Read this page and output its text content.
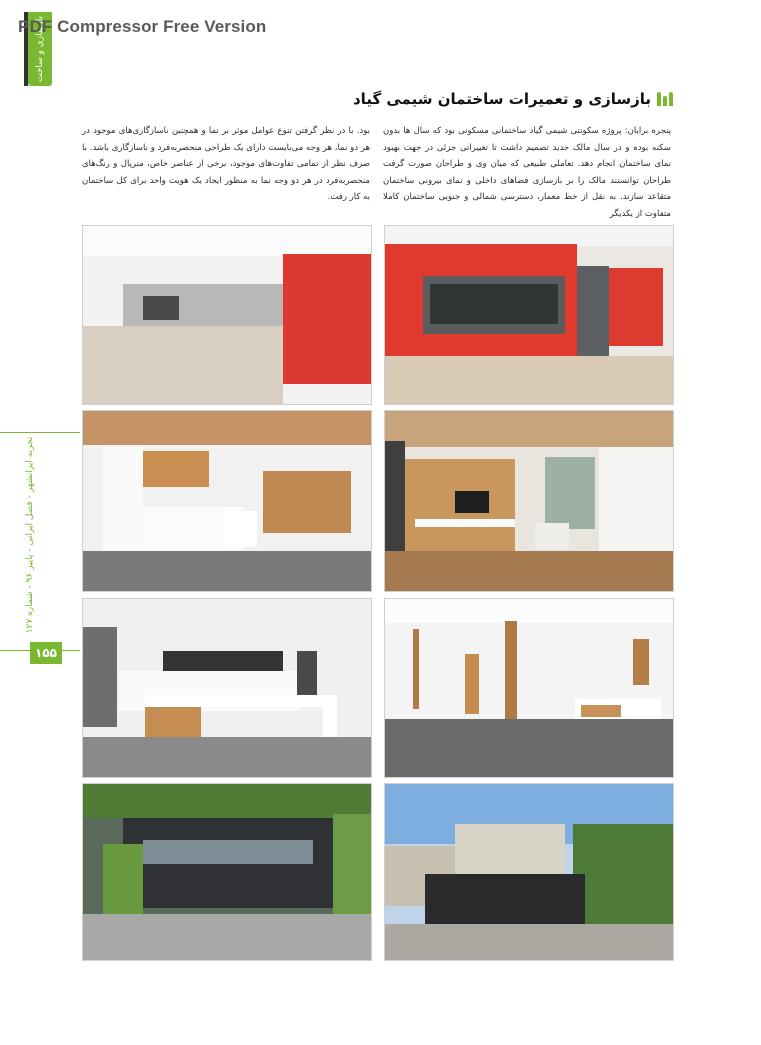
PDF Compressor Free Version
بازسازی و ساخت
تجربه ایرانشهر - فصل ایرانی - پاییز ۹۶ - شماره ۱۲۷
۱۵۵
بازسازی و تعمیرات ساختمان شیمی گیاد
پنجره‌ برایان: پروژه سکونتی شیمی گیاد ساختمانی مسکونی بود که سال ها بدون سکنه بوده و در سال مالک جدید تصمیم داشت تا تغییراتی جزئی در جهت بهبود نمای ساختمان انجام دهد. تعاملی طبیعی که میان وی و طراحان صورت گرفت طراحان توانستند مالک را بر بازسازی فضاهای داخلی و نمای بیرونی ساختمان متقاعد سازند. به نقل از خط معمار، دسترسی شمالی و جنوبی ساختمان کاملا متفاوت از یکدیگر
بود. با در نظر گرفتن تنوع عوامل موثر بر نما و همچنین ناسازگاری‌های موجود در هر دو نما، هر وجه می‌بایست دارای یک طراحی منحصربه‌فرد و ناسازگاری باشد. با صرف نظر از تمامی تفاوت‌های موجود، برخی از عناصر خاص، متریال و رنگ‌های منحصربه‌فرد در هر دو وجه نما به منظور ایجاد یک هویت واحد برای کل ساختمان به کار رفت.
